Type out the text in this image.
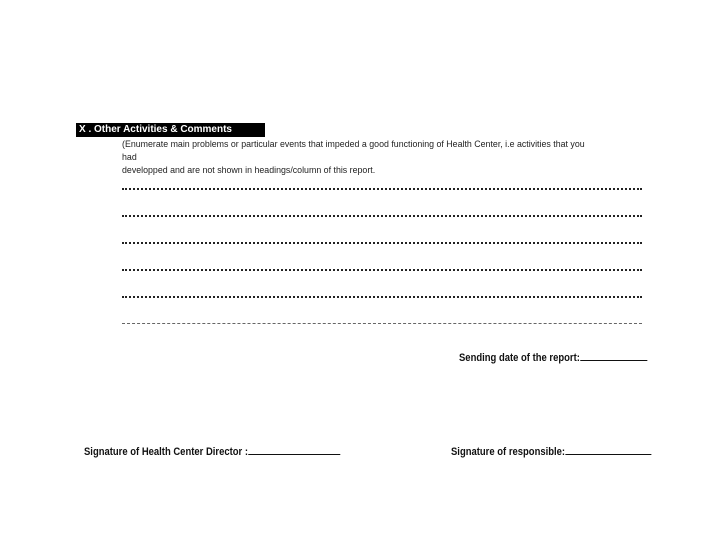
X . Other Activities & Comments
(Enumerate main problems or particular events that impeded a good functioning of Health Center, i.e activities that you had
developped and are not shown in headings/column of this report.
Sending date of the report:
Signature of Health Center Director :	Signature of responsible:
